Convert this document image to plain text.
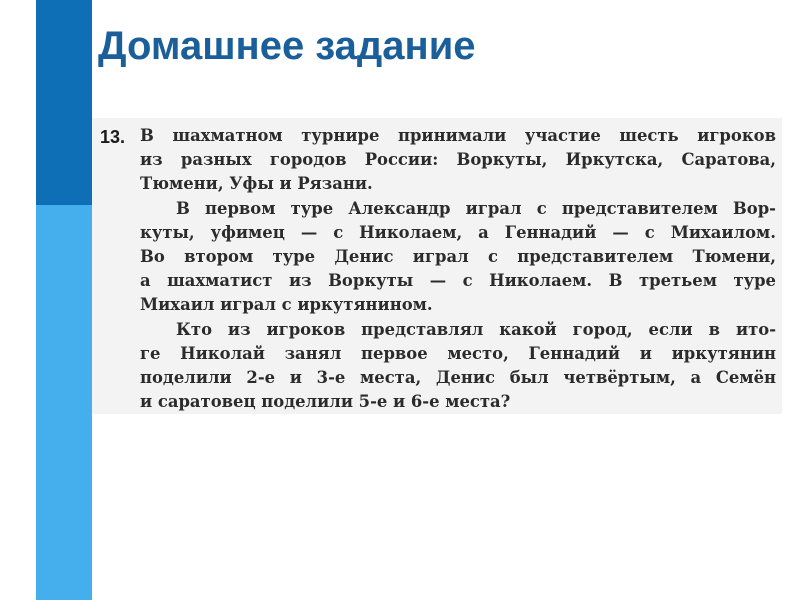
Домашнее задание
13. В шахматном турнире принимали участие шесть игроков
из разных городов России: Воркуты, Иркутска, Саратова,
Тюмени, Уфы и Рязани.
В первом туре Александр играл с представителем Вор-
куты, уфимец — с Николаем, а Геннадий — с Михаилом.
Во втором туре Денис играл с представителем Тюмени,
а шахматист из Воркуты — с Николаем. В третьем туре
Михаил играл с иркутянином.
Кто из игроков представлял какой город, если в ито-
ге Николай занял первое место, Геннадий и иркутянин
поделили 2-е и 3-е места, Денис был четвёртым, а Семён
и саратовец поделили 5-е и 6-е места?
